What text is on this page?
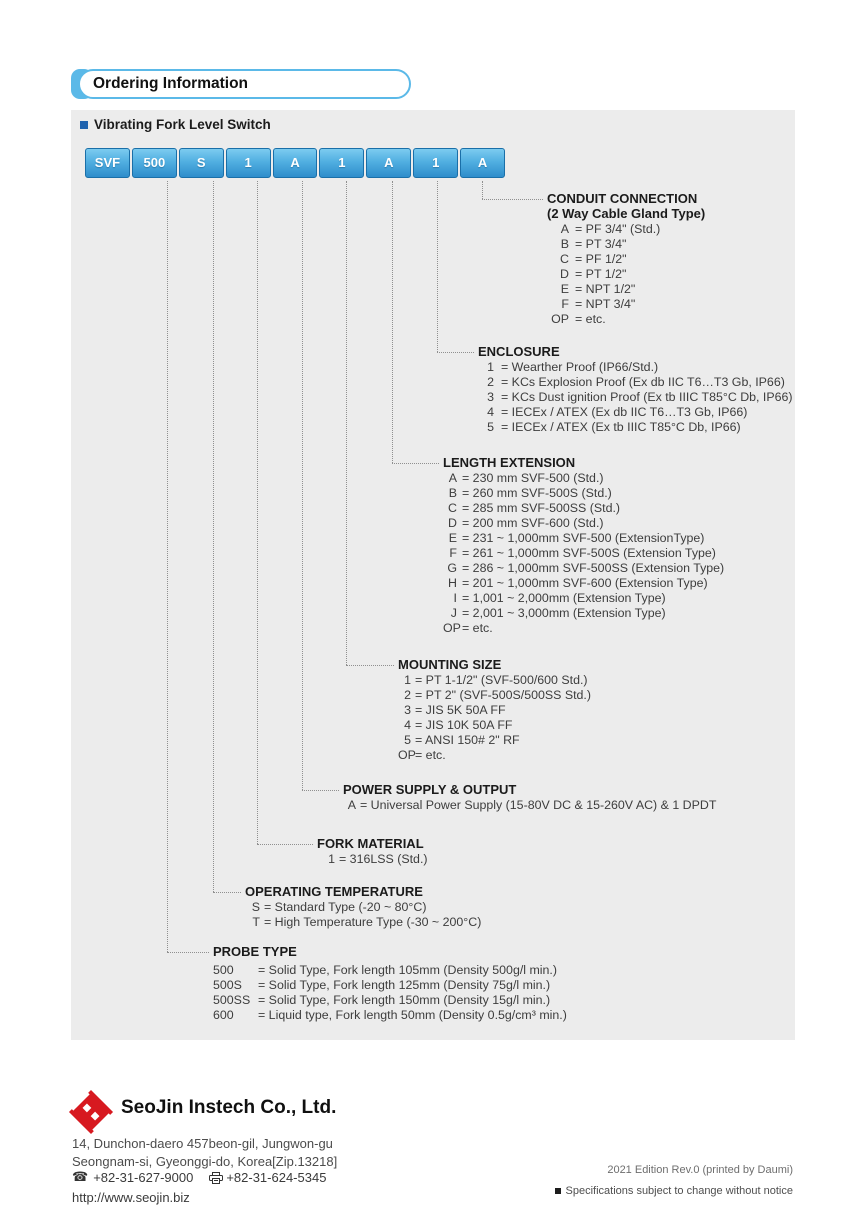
Ordering Information
Vibrating Fork Level Switch
SVF	500	S	1	A	1	A	1	A
CONDUIT CONNECTION
(2 Way Cable Gland Type)
A = PF 3/4" (Std.)
B = PT 3/4"
C = PF 1/2"
D = PT 1/2"
E = NPT 1/2"
F = NPT 3/4"
OP = etc.
ENCLOSURE
1 = Wearther Proof (IP66/Std.)
2 = KCs Explosion Proof (Ex db IIC T6…T3 Gb, IP66)
3 = KCs Dust ignition Proof (Ex tb IIIC T85°C Db, IP66)
4 = IECEx / ATEX (Ex db IIC T6…T3 Gb, IP66)
5 = IECEx / ATEX (Ex tb IIIC T85°C Db, IP66)
LENGTH EXTENSION
A = 230 mm SVF-500 (Std.)
B = 260 mm SVF-500S (Std.)
C = 285 mm SVF-500SS (Std.)
D = 200 mm SVF-600 (Std.)
E = 231 ~ 1,000mm SVF-500 (ExtensionType)
F = 261 ~ 1,000mm SVF-500S (Extension Type)
G = 286 ~ 1,000mm SVF-500SS (Extension Type)
H = 201 ~ 1,000mm SVF-600 (Extension Type)
I = 1,001 ~ 2,000mm (Extension Type)
J = 2,001 ~ 3,000mm (Extension Type)
OP = etc.
MOUNTING SIZE
1 = PT 1-1/2" (SVF-500/600 Std.)
2 = PT 2" (SVF-500S/500SS Std.)
3 = JIS 5K 50A FF
4 = JIS 10K 50A FF
5 = ANSI 150# 2" RF
OP = etc.
POWER SUPPLY & OUTPUT
A = Universal Power Supply (15-80V DC & 15-260V AC) & 1 DPDT
FORK MATERIAL
1 = 316LSS (Std.)
OPERATING TEMPERATURE
S = Standard Type (-20 ~ 80°C)
T = High Temperature Type (-30 ~ 200°C)
PROBE TYPE
500	= Solid Type, Fork length 105mm (Density 500g/l min.)
500S	= Solid Type, Fork length 125mm (Density 75g/l min.)
500SS = Solid Type, Fork length 150mm (Density 15g/l min.)
600	= Liquid type, Fork length 50mm (Density 0.5g/cm³ min.)
SeoJin Instech Co., Ltd.
14, Dunchon-daero 457beon-gil, Jungwon-gu
Seongnam-si, Gyeonggi-do, Korea[Zip.13218]
☎ +82-31-627-9000	+82-31-624-5345
http://www.seojin.biz
2021 Edition Rev.0 (printed by Daumi)
Specifications subject to change without notice
